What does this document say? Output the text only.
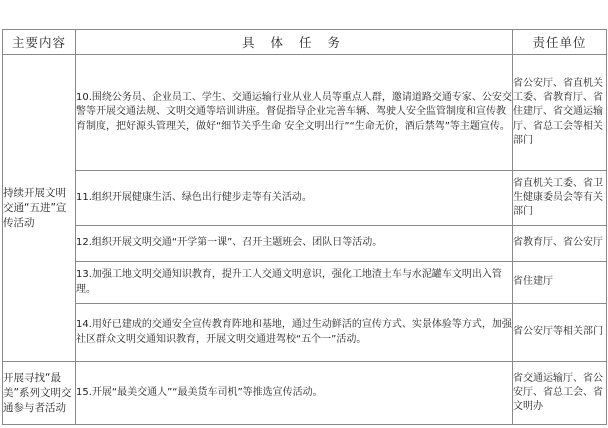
主要内容	具 体 任 务	责任单位
持续开展文明交通“五进”宣传活动	10.围绕公务员、企业员工、学生、交通运输行业从业人员等重点人群，邀请道路交通专家、公安交警等开展交通法规、文明交通等培训讲座。督促指导企业完善车辆、驾驶人安全监管制度和宣传教育制度，把好源头管理关，做好“细节关乎生命 安全文明出行”“生命无价，酒后禁驾”等主题宣传。	省公安厅、省直机关工委、省教育厅、省住建厅、省交通运输厅、省总工会等相关部门
	11.组织开展健康生活、绿色出行健步走等有关活动。	省直机关工委、省卫生健康委员会等有关部门
	12.组织开展文明交通“开学第一课”、召开主题班会、团队日等活动。	省教育厅、省公安厅
	13.加强工地文明交通知识教育，提升工人交通文明意识，强化工地渣土车与水泥罐车文明出入管理。	省住建厅
	14.用好已建成的交通安全宣传教育阵地和基地，通过生动鲜活的宣传方式、实景体验等方式，加强社区群众文明交通知识教育，开展文明交通进驾校“五个一”活动。	省公安厅等相关部门
开展寻找“最美”系列文明交通参与者活动	15.开展“最美交通人”“最美货车司机”等推选宣传活动。	省交通运输厅、省公安厅、省总工会、省文明办
